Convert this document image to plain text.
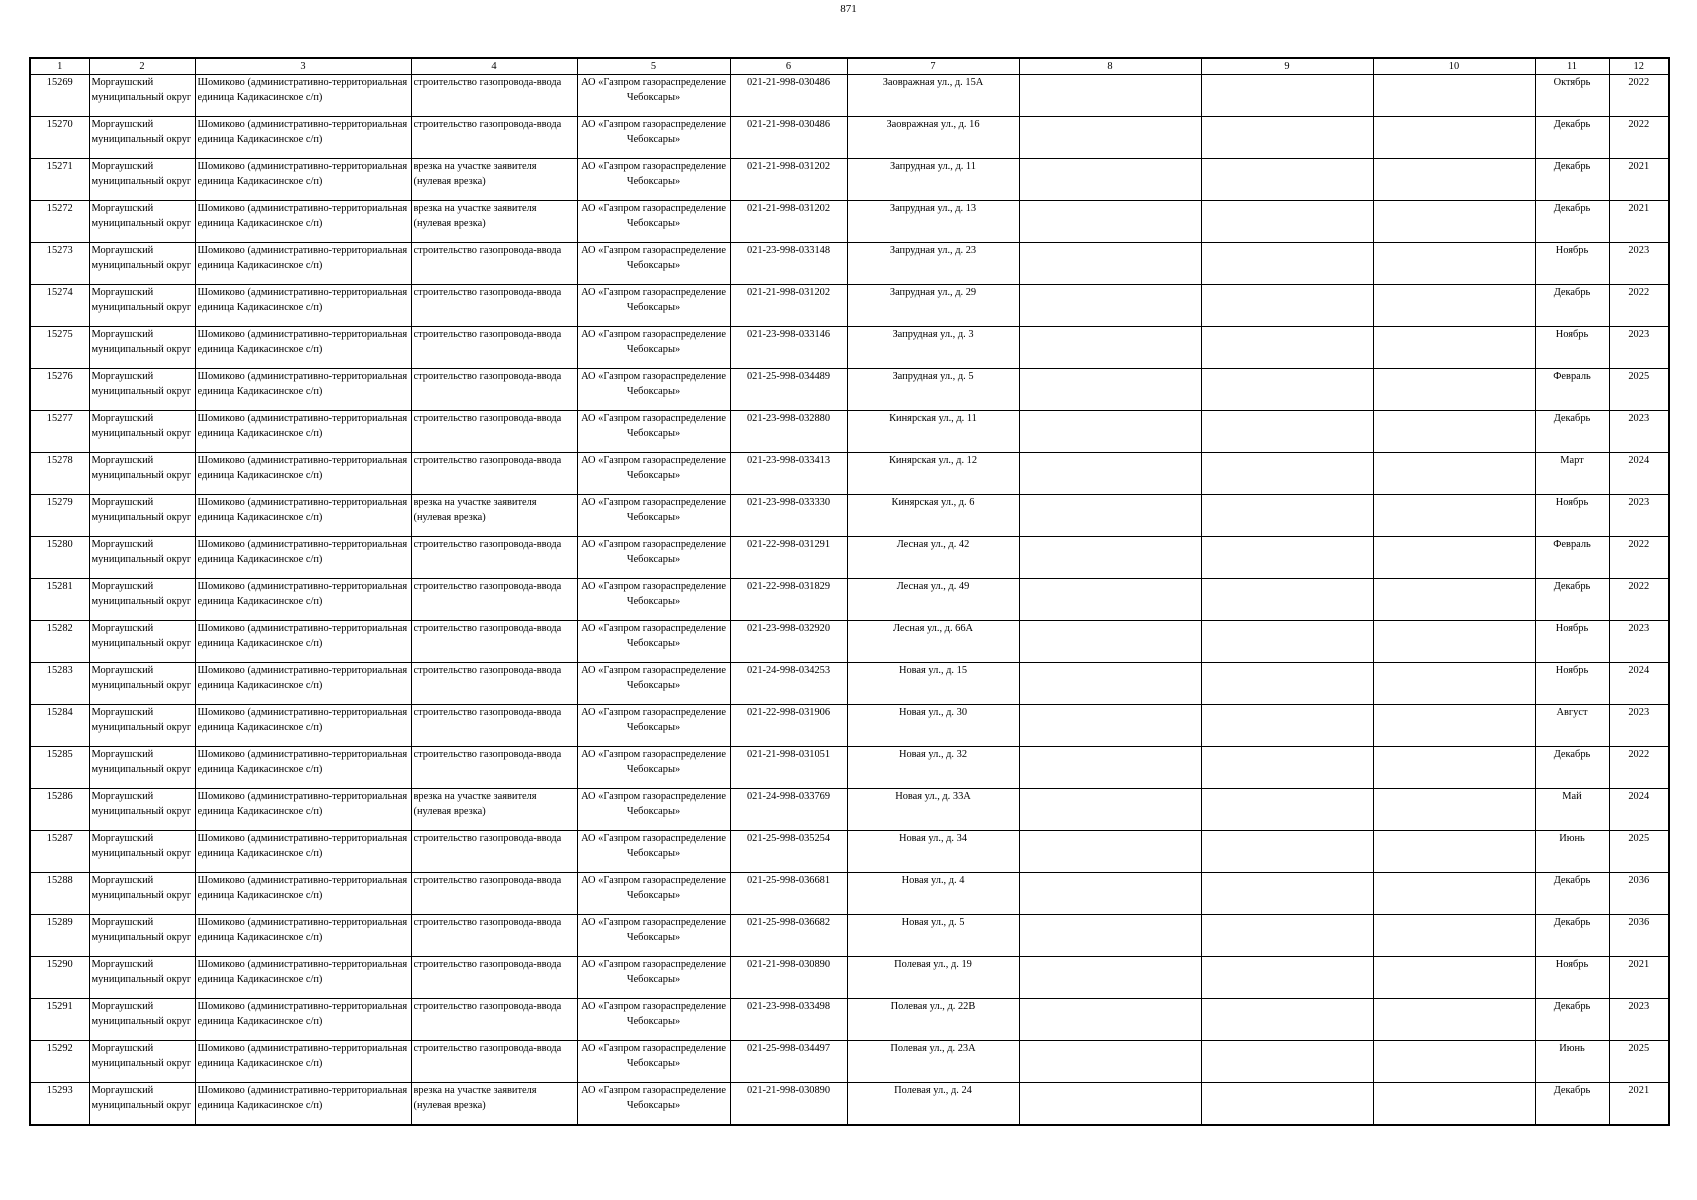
871
1	2	3	4	5	6	7	8	9	10	11	12

15269	Моргаушский муниципальный округ	Шомиково (административно-территориальная единица Кадикасинское с/п)	строительство газопровода-ввода	АО «Газпром газораспределение Чебоксары»	021-21-998-030486	Заовражная ул., д. 15А				Октябрь	2022

15270	Моргаушский муниципальный округ	Шомиково (административно-территориальная единица Кадикасинское с/п)	строительство газопровода-ввода	АО «Газпром газораспределение Чебоксары»	021-21-998-030486	Заовражная ул., д. 16				Декабрь	2022

15271	Моргаушский муниципальный округ	Шомиково (административно-территориальная единица Кадикасинское с/п)	врезка на участке заявителя (нулевая врезка)	АО «Газпром газораспределение Чебоксары»	021-21-998-031202	Запрудная ул., д. 11				Декабрь	2021

15272	Моргаушский муниципальный округ	Шомиково (административно-территориальная единица Кадикасинское с/п)	врезка на участке заявителя (нулевая врезка)	АО «Газпром газораспределение Чебоксары»	021-21-998-031202	Запрудная ул., д. 13				Декабрь	2021

15273	Моргаушский муниципальный округ	Шомиково (административно-территориальная единица Кадикасинское с/п)	строительство газопровода-ввода	АО «Газпром газораспределение Чебоксары»	021-23-998-033148	Запрудная ул., д. 23				Ноябрь	2023

15274	Моргаушский муниципальный округ	Шомиково (административно-территориальная единица Кадикасинское с/п)	строительство газопровода-ввода	АО «Газпром газораспределение Чебоксары»	021-21-998-031202	Запрудная ул., д. 29				Декабрь	2022

15275	Моргаушский муниципальный округ	Шомиково (административно-территориальная единица Кадикасинское с/п)	строительство газопровода-ввода	АО «Газпром газораспределение Чебоксары»	021-23-998-033146	Запрудная ул., д. 3				Ноябрь	2023

15276	Моргаушский муниципальный округ	Шомиково (административно-территориальная единица Кадикасинское с/п)	строительство газопровода-ввода	АО «Газпром газораспределение Чебоксары»	021-25-998-034489	Запрудная ул., д. 5				Февраль	2025

15277	Моргаушский муниципальный округ	Шомиково (административно-территориальная единица Кадикасинское с/п)	строительство газопровода-ввода	АО «Газпром газораспределение Чебоксары»	021-23-998-032880	Кинярская ул., д. 11				Декабрь	2023

15278	Моргаушский муниципальный округ	Шомиково (административно-территориальная единица Кадикасинское с/п)	строительство газопровода-ввода	АО «Газпром газораспределение Чебоксары»	021-23-998-033413	Кинярская ул., д. 12				Март	2024

15279	Моргаушский муниципальный округ	Шомиково (административно-территориальная единица Кадикасинское с/п)	врезка на участке заявителя (нулевая врезка)	АО «Газпром газораспределение Чебоксары»	021-23-998-033330	Кинярская ул., д. 6				Ноябрь	2023

15280	Моргаушский муниципальный округ	Шомиково (административно-территориальная единица Кадикасинское с/п)	строительство газопровода-ввода	АО «Газпром газораспределение Чебоксары»	021-22-998-031291	Лесная ул., д. 42				Февраль	2022

15281	Моргаушский муниципальный округ	Шомиково (административно-территориальная единица Кадикасинское с/п)	строительство газопровода-ввода	АО «Газпром газораспределение Чебоксары»	021-22-998-031829	Лесная ул., д. 49				Декабрь	2022

15282	Моргаушский муниципальный округ	Шомиково (административно-территориальная единица Кадикасинское с/п)	строительство газопровода-ввода	АО «Газпром газораспределение Чебоксары»	021-23-998-032920	Лесная ул., д. 66А				Ноябрь	2023

15283	Моргаушский муниципальный округ	Шомиково (административно-территориальная единица Кадикасинское с/п)	строительство газопровода-ввода	АО «Газпром газораспределение Чебоксары»	021-24-998-034253	Новая ул., д. 15				Ноябрь	2024

15284	Моргаушский муниципальный округ	Шомиково (административно-территориальная единица Кадикасинское с/п)	строительство газопровода-ввода	АО «Газпром газораспределение Чебоксары»	021-22-998-031906	Новая ул., д. 30				Август	2023

15285	Моргаушский муниципальный округ	Шомиково (административно-территориальная единица Кадикасинское с/п)	строительство газопровода-ввода	АО «Газпром газораспределение Чебоксары»	021-21-998-031051	Новая ул., д. 32				Декабрь	2022

15286	Моргаушский муниципальный округ	Шомиково (административно-территориальная единица Кадикасинское с/п)	врезка на участке заявителя (нулевая врезка)	АО «Газпром газораспределение Чебоксары»	021-24-998-033769	Новая ул., д. 33А				Май	2024

15287	Моргаушский муниципальный округ	Шомиково (административно-территориальная единица Кадикасинское с/п)	строительство газопровода-ввода	АО «Газпром газораспределение Чебоксары»	021-25-998-035254	Новая ул., д. 34				Июнь	2025

15288	Моргаушский муниципальный округ	Шомиково (административно-территориальная единица Кадикасинское с/п)	строительство газопровода-ввода	АО «Газпром газораспределение Чебоксары»	021-25-998-036681	Новая ул., д. 4				Декабрь	2036

15289	Моргаушский муниципальный округ	Шомиково (административно-территориальная единица Кадикасинское с/п)	строительство газопровода-ввода	АО «Газпром газораспределение Чебоксары»	021-25-998-036682	Новая ул., д. 5				Декабрь	2036

15290	Моргаушский муниципальный округ	Шомиково (административно-территориальная единица Кадикасинское с/п)	строительство газопровода-ввода	АО «Газпром газораспределение Чебоксары»	021-21-998-030890	Полевая ул., д. 19				Ноябрь	2021

15291	Моргаушский муниципальный округ	Шомиково (административно-территориальная единица Кадикасинское с/п)	строительство газопровода-ввода	АО «Газпром газораспределение Чебоксары»	021-23-998-033498	Полевая ул., д. 22В				Декабрь	2023

15292	Моргаушский муниципальный округ	Шомиково (административно-территориальная единица Кадикасинское с/п)	строительство газопровода-ввода	АО «Газпром газораспределение Чебоксары»	021-25-998-034497	Полевая ул., д. 23А				Июнь	2025

15293	Моргаушский муниципальный округ	Шомиково (административно-территориальная единица Кадикасинское с/п)	врезка на участке заявителя (нулевая врезка)	АО «Газпром газораспределение Чебоксары»	021-21-998-030890	Полевая ул., д. 24				Декабрь	2021
